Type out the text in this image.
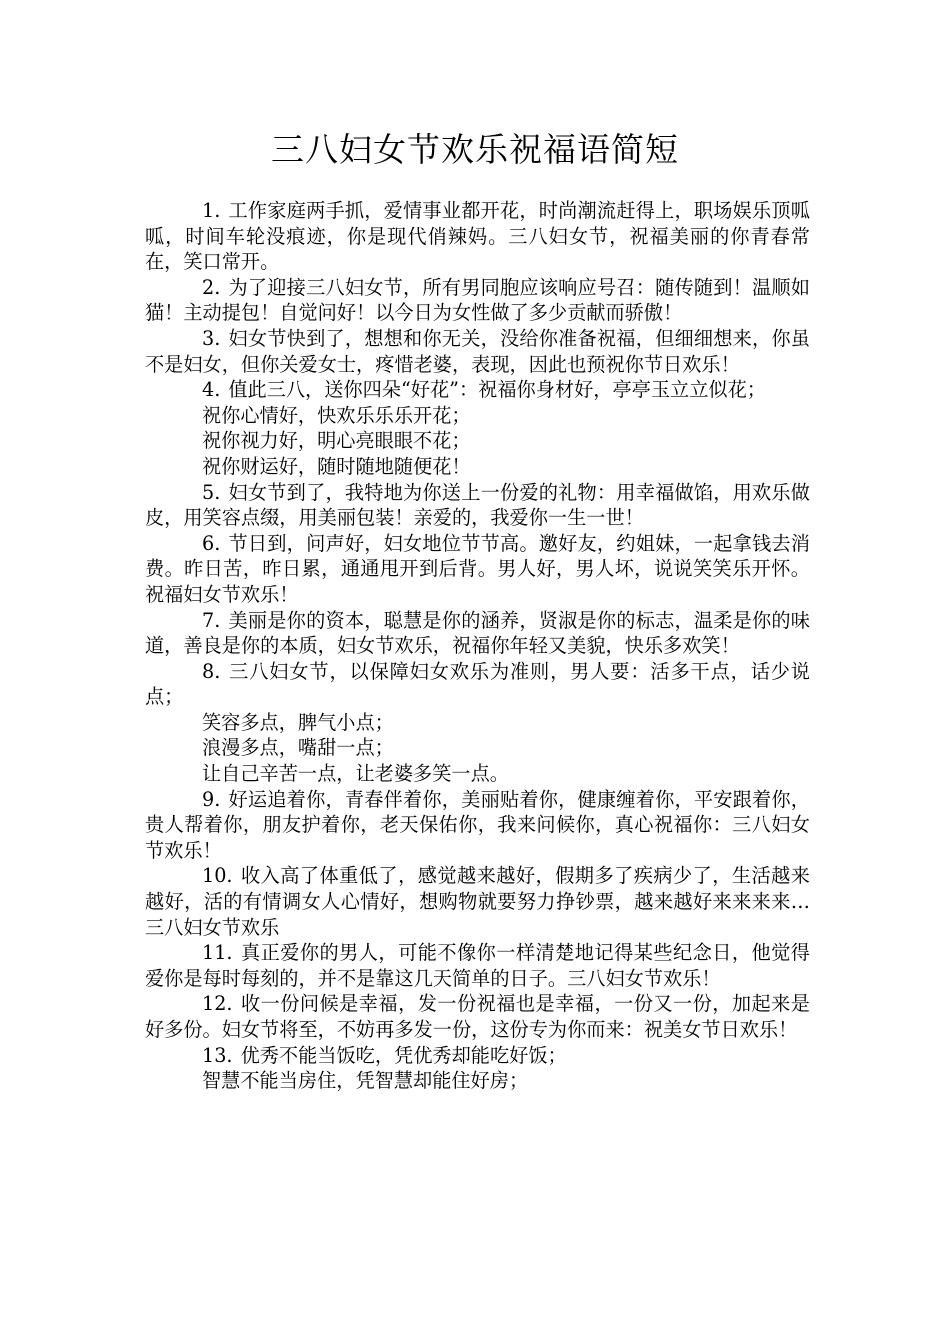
三八妇女节欢乐祝福语简短

1. 工作家庭两手抓，爱情事业都开花，时尚潮流赶得上，职场娱乐顶呱呱，时间车轮没痕迹，你是现代俏辣妈。三八妇女节，祝福美丽的你青春常在，笑口常开。

2. 为了迎接三八妇女节，所有男同胞应该响应号召：随传随到！温顺如猫！主动提包！自觉问好！以今日为女性做了多少贡献而骄傲！

3. 妇女节快到了，想想和你无关，没给你准备祝福，但细细想来，你虽不是妇女，但你关爱女士，疼惜老婆，表现，因此也预祝你节日欢乐！

4. 值此三八，送你四朵“好花”：祝福你身材好，亭亭玉立立似花；

祝你心情好，快欢乐乐乐开花；

祝你视力好，明心亮眼眼不花；

祝你财运好，随时随地随便花！

5. 妇女节到了，我特地为你送上一份爱的礼物：用幸福做馅，用欢乐做皮，用笑容点缀，用美丽包装！亲爱的，我爱你一生一世！

6. 节日到，问声好，妇女地位节节高。邀好友，约姐妹，一起拿钱去消费。昨日苦，昨日累，通通甩开到后背。男人好，男人坏，说说笑笑乐开怀。祝福妇女节欢乐！

7. 美丽是你的资本，聪慧是你的涵养，贤淑是你的标志，温柔是你的味道，善良是你的本质，妇女节欢乐，祝福你年轻又美貌，快乐多欢笑！

8. 三八妇女节，以保障妇女欢乐为准则，男人要：活多干点，话少说点；

笑容多点，脾气小点；

浪漫多点，嘴甜一点；

让自己辛苦一点，让老婆多笑一点。

9. 好运追着你，青春伴着你，美丽贴着你，健康缠着你，平安跟着你，贵人帮着你，朋友护着你，老天保佑你，我来问候你，真心祝福你：三八妇女节欢乐！

10. 收入高了体重低了，感觉越来越好，假期多了疾病少了，生活越来越好，活的有情调女人心情好，想购物就要努力挣钞票，越来越好来来来来…三八妇女节欢乐

11. 真正爱你的男人，可能不像你一样清楚地记得某些纪念日，他觉得爱你是每时每刻的，并不是靠这几天简单的日子。三八妇女节欢乐！

12. 收一份问候是幸福，发一份祝福也是幸福，一份又一份，加起来是好多份。妇女节将至，不妨再多发一份，这份专为你而来：祝美女节日欢乐！

13. 优秀不能当饭吃，凭优秀却能吃好饭；

智慧不能当房住，凭智慧却能住好房；
